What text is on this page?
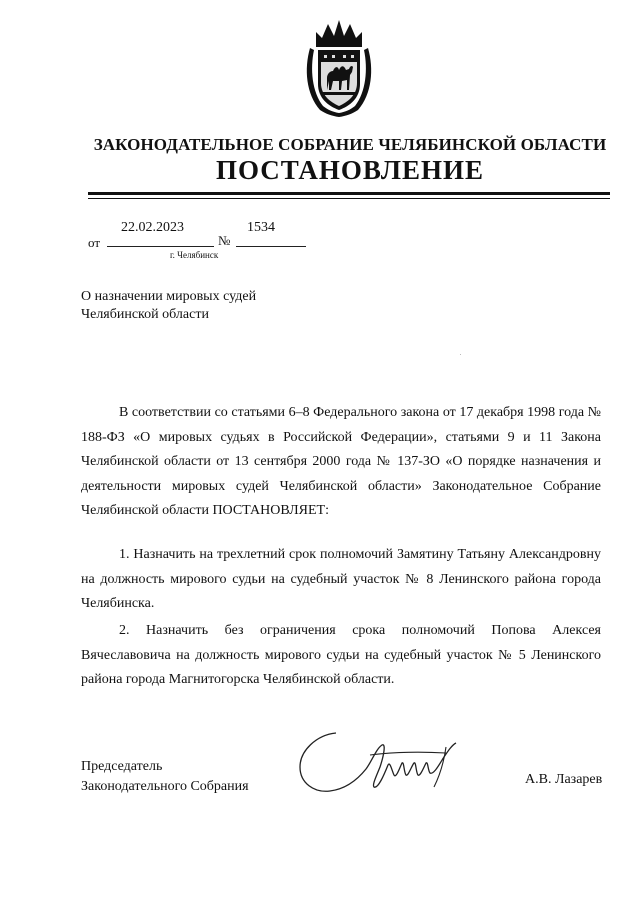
ЗАКОНОДАТЕЛЬНОЕ СОБРАНИЕ ЧЕЛЯБИНСКОЙ ОБЛАСТИ
ПОСТАНОВЛЕНИЕ
от
22.02.2023
№
1534
г. Челябинск
О назначении мировых судей
Челябинской области

В соответствии со статьями 6–8 Федерального закона от 17 декабря 1998 года № 188-ФЗ «О мировых судьях в Российской Федерации», статьями 9 и 11 Закона Челябинской области от 13 сентября 2000 года № 137-ЗО «О порядке назначения и деятельности мировых судей Челябинской области» Законодательное Собрание Челябинской области ПОСТАНОВЛЯЕТ:

1. Назначить на трехлетний срок полномочий Замятину Татьяну Александровну на должность мирового судьи на судебный участок № 8 Ленинского района города Челябинска.

2. Назначить без ограничения срока полномочий Попова Алексея Вячеславовича на должность мирового судьи на судебный участок № 5 Ленинского района города Магнитогорска Челябинской области.

Председатель
Законодательного Собрания	А.В. Лазарев
